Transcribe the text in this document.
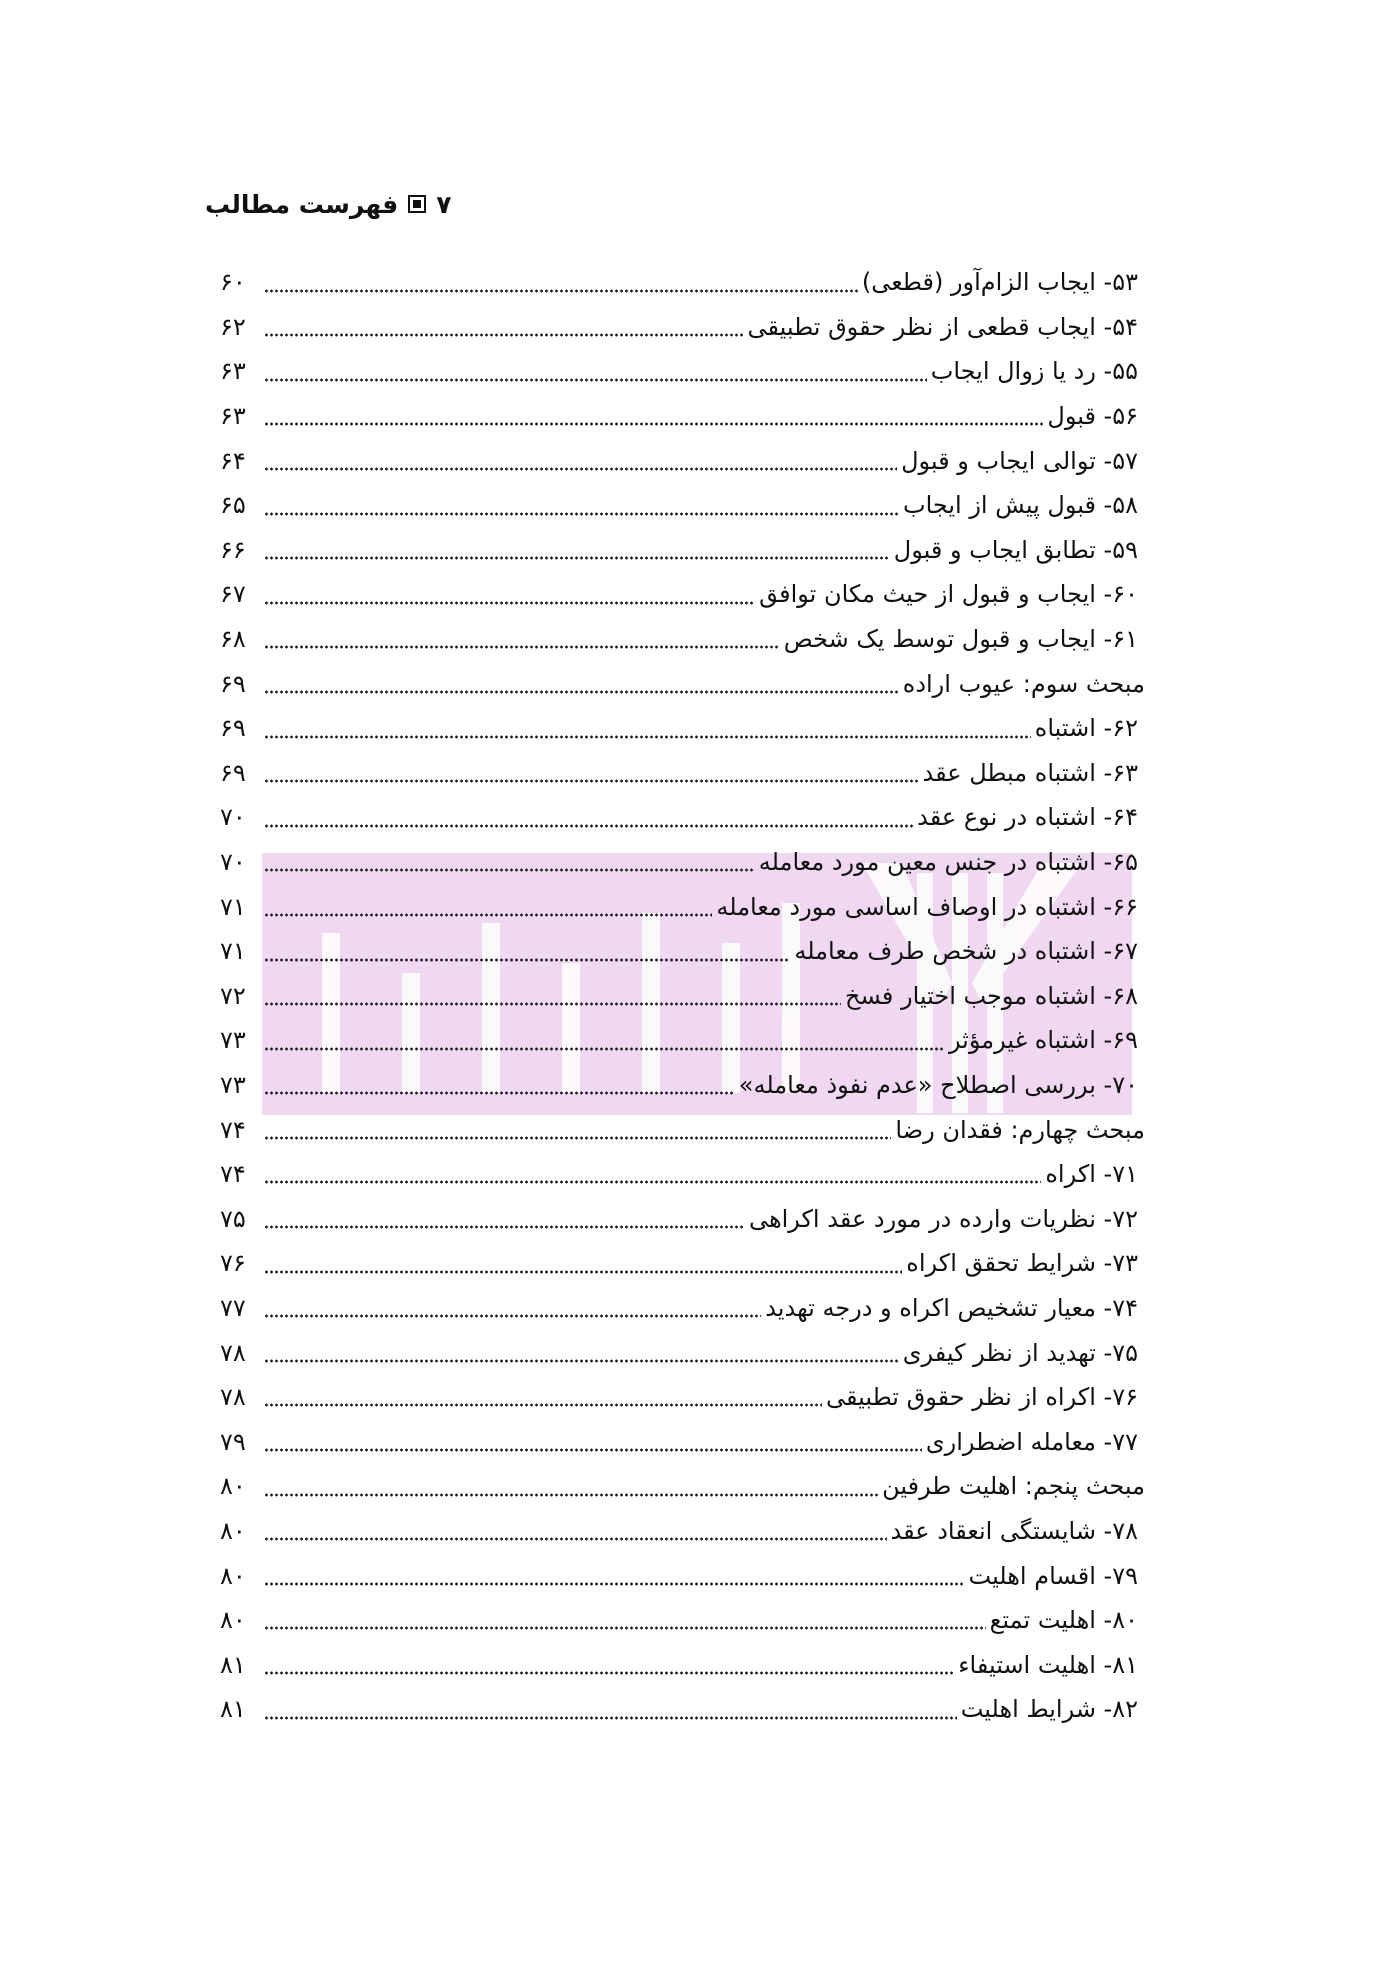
۷
فهرست مطالب
۵۳- ایجاب الزام‌آور (قطعی)
۶۰
۵۴- ایجاب قطعی از نظر حقوق تطبیقی
۶۲
۵۵- رد یا زوال ایجاب
۶۳
۵۶- قبول
۶۳
۵۷- توالی ایجاب و قبول
۶۴
۵۸- قبول پیش از ایجاب
۶۵
۵۹- تطابق ایجاب و قبول
۶۶
۶۰- ایجاب و قبول از حیث مکان توافق
۶۷
۶۱- ایجاب و قبول توسط یک شخص
۶۸
مبحث سوم: عیوب اراده
۶۹
۶۲- اشتباه
۶۹
۶۳- اشتباه مبطل عقد
۶۹
۶۴- اشتباه در نوع عقد
۷۰
۶۵- اشتباه در جنس معین مورد معامله
۷۰
۶۶- اشتباه در اوصاف اساسی مورد معامله
۷۱
۶۷- اشتباه در شخص طرف معامله
۷۱
۶۸- اشتباه موجب اختیار فسخ
۷۲
۶۹- اشتباه غیرمؤثر
۷۳
۷۰- بررسی اصطلاح «عدم نفوذ معامله»
۷۳
مبحث چهارم: فقدان رضا
۷۴
۷۱- اکراه
۷۴
۷۲- نظریات وارده در مورد عقد اکراهی
۷۵
۷۳- شرایط تحقق اکراه
۷۶
۷۴- معیار تشخیص اکراه و درجه تهدید
۷۷
۷۵- تهدید از نظر کیفری
۷۸
۷۶- اکراه از نظر حقوق تطبیقی
۷۸
۷۷- معامله اضطراری
۷۹
مبحث پنجم: اهلیت طرفین
۸۰
۷۸- شایستگی انعقاد عقد
۸۰
۷۹- اقسام اهلیت
۸۰
۸۰- اهلیت تمتع
۸۰
۸۱- اهلیت استیفاء
۸۱
۸۲- شرایط اهلیت
۸۱
